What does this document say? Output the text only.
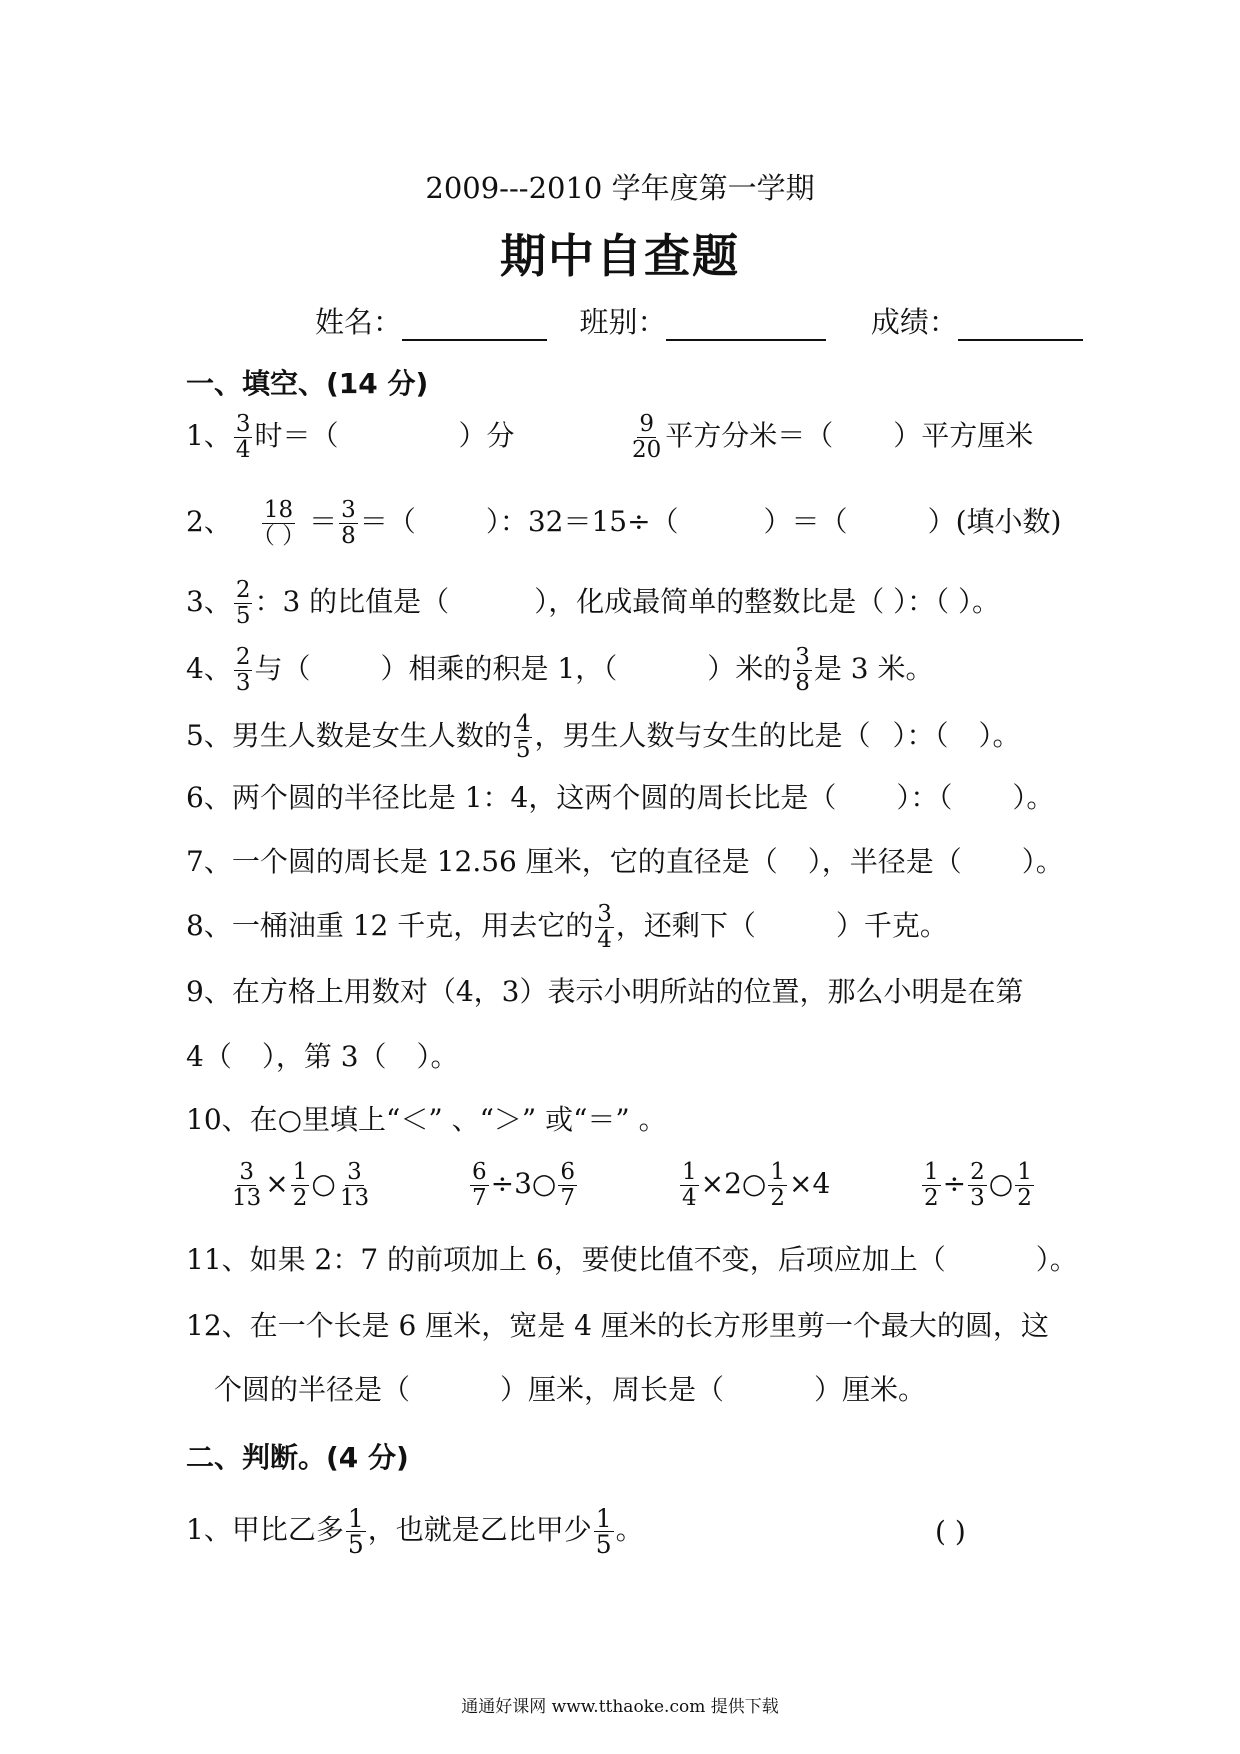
2009---2010 学年度第一学期
期中自查题
姓名：	班别：	成绩：
一、填空、(14 分)
1、 $\frac{3}{4}$ 时＝（	）分	$\frac{9}{20}$ 平方分米＝（ ）平方厘米
2、 $\frac{18}{( )} = \frac{3}{8}$ ＝（	）：32＝15÷（	）＝（	）(填小数)
3、 $\frac{2}{5}$ ：3 的比值是（	），化成最简单的整数比是（ ）：（ ）。
4、 $\frac{2}{3}$ 与（	）相乘的积是 1，（	）米的 $\frac{3}{8}$ 是 3 米。
5、男生人数是女生人数的 $\frac{4}{5}$ ，男生人数与女生的比是（ ）：（ ）。
6、两个圆的半径比是 1：4，这两个圆的周长比是（ ）：（ ）。
7、一个圆的周长是 12.56 厘米，它的直径是（ ），半径是（ ）。
8、一桶油重 12 千克，用去它的 $\frac{3}{4}$ ，还剩下（	）千克。
9、在方格上用数对（4，3）表示小明所站的位置，那么小明是在第
4（ ），第 3（ ）。
10、在○里填上“＜” 、“＞” 或“＝” 。
$\frac{3}{13} \times \frac{1}{2}$ ○ $\frac{3}{13}$	$\frac{6}{7}$ ÷3○ $\frac{6}{7}$	$\frac{1}{4}$ ×2○ $\frac{1}{2} \times 4$	$\frac{1}{2} \div \frac{2}{3}$ ○ $\frac{1}{2}$
11、如果 2：7 的前项加上 6，要使比值不变，后项应加上（	）。
12、在一个长是 6 厘米，宽是 4 厘米的长方形里剪一个最大的圆，这
个圆的半径是（	）厘米，周长是（	）厘米。
二、判断。(4 分)
1、甲比乙多 $\frac{1}{5}$ ，也就是乙比甲少 $\frac{1}{5}$ 。	( )
通通好课网 www.tthaoke.com 提供下载
